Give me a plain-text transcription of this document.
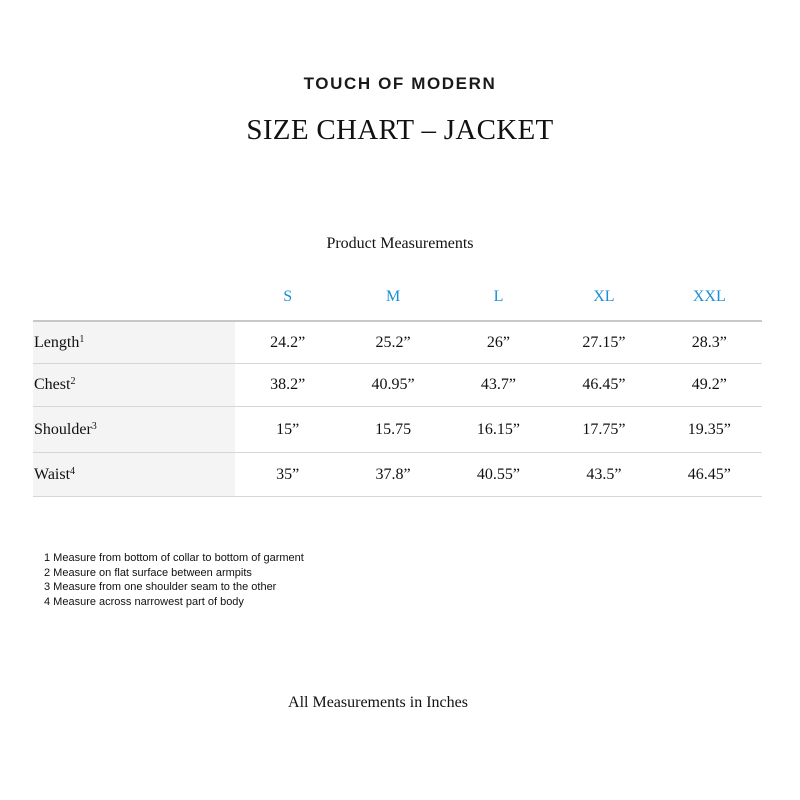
TOUCH OF MODERN
SIZE CHART – JACKET
Product Measurements
	S	M	L	XL	XXL
Length$^1$	24.2”	25.2”	26”	27.15”	28.3”
Chest$^2$	38.2”	40.95”	43.7”	46.45”	49.2”
Shoulder$^3$	15”	15.75	16.15”	17.75”	19.35”
Waist$^4$	35”	37.8”	40.55”	43.5”	46.45”
1 Measure from bottom of collar to bottom of garment
2 Measure on flat surface between armpits
3 Measure from one shoulder seam to the other
4 Measure across narrowest part of body
All Measurements in Inches
